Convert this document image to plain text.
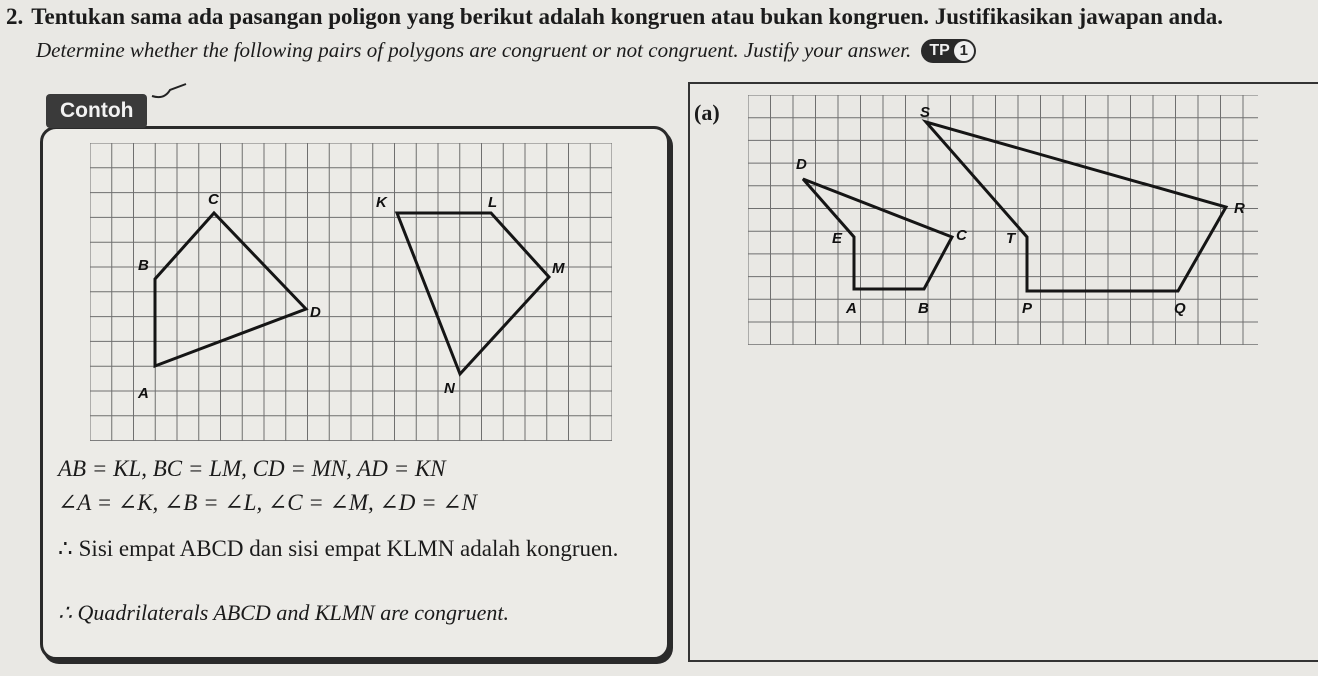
2. Tentukan sama ada pasangan poligon yang berikut adalah kongruen atau bukan kongruen. Justifikasikan jawapan anda.
Determine whether the following pairs of polygons are congruent or not congruent. Justify your answer. TP 1
Contoh
A
B
C
D
K	L
M
N
AB = KL, BC = LM, CD = MN, AD = KN
∠A = ∠K, ∠B = ∠L, ∠C = ∠M, ∠D = ∠N
∴ Sisi empat ABCD dan sisi empat KLMN adalah kongruen.
∴ Quadrilaterals ABCD and KLMN are congruent.
(a)
A	B
C
D
E
P	Q
R
S
T
